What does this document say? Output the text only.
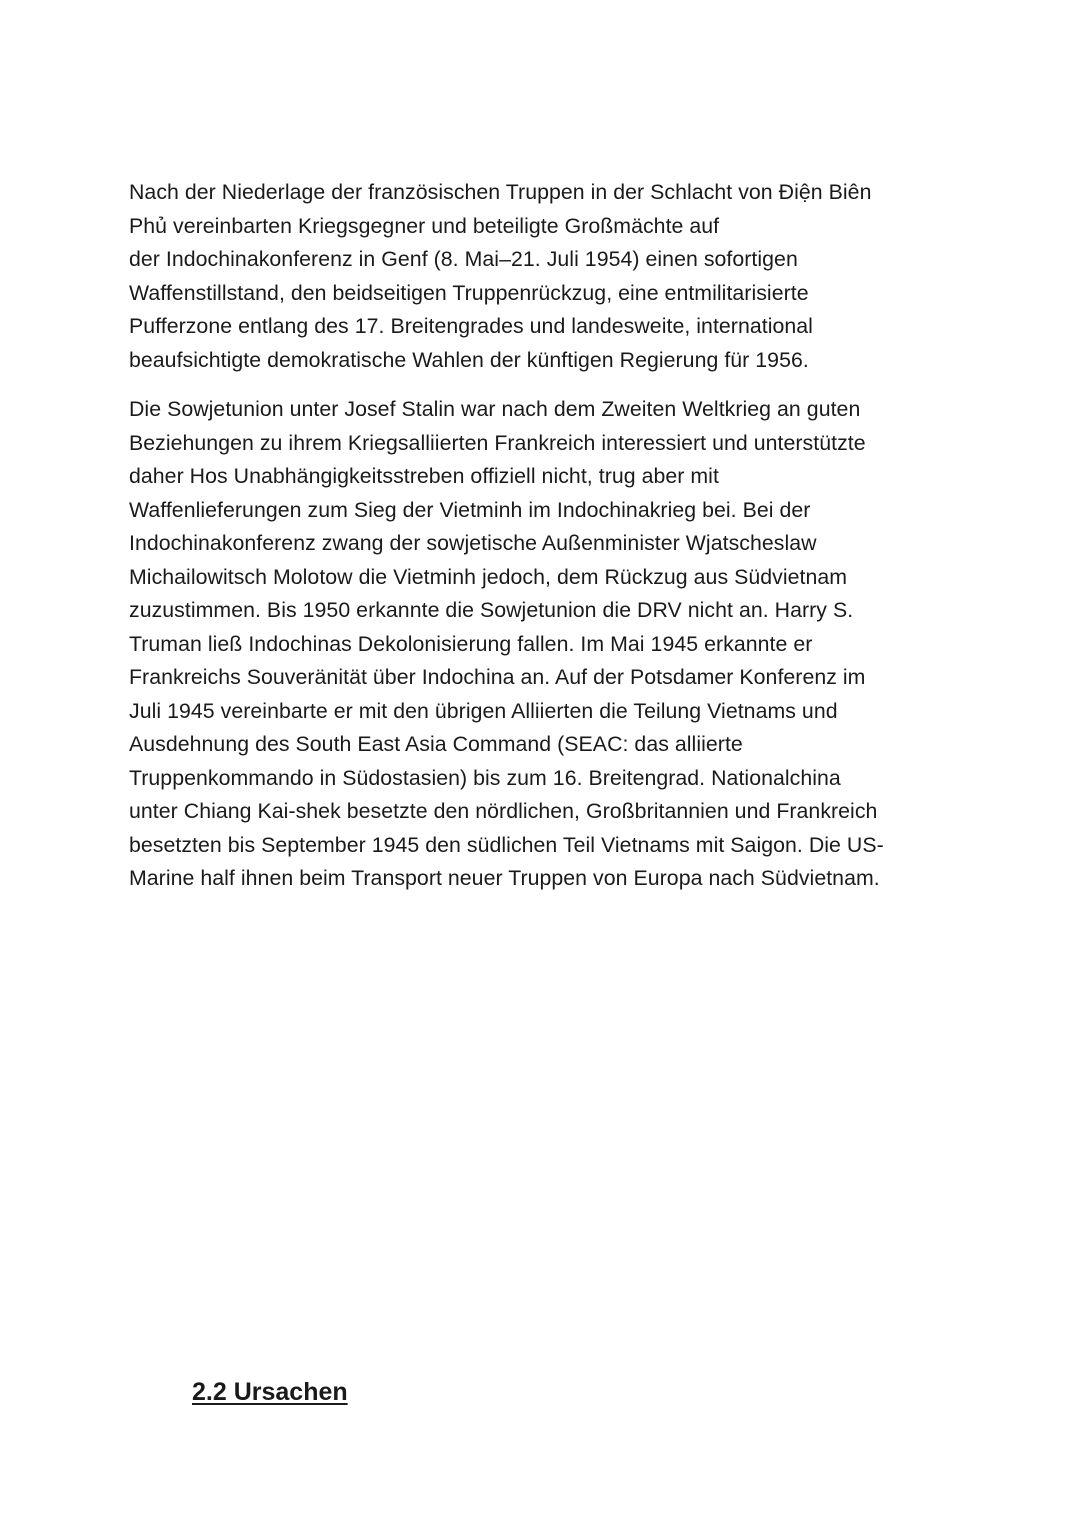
Nach der Niederlage der französischen Truppen in der Schlacht von Điện Biên
Phủ vereinbarten Kriegsgegner und beteiligte Großmächte auf
der Indochinakonferenz in Genf (8. Mai–21. Juli 1954) einen sofortigen
Waffenstillstand, den beidseitigen Truppenrückzug, eine entmilitarisierte
Pufferzone entlang des 17. Breitengrades und landesweite, international
beaufsichtigte demokratische Wahlen der künftigen Regierung für 1956.
Die Sowjetunion unter Josef Stalin war nach dem Zweiten Weltkrieg an guten
Beziehungen zu ihrem Kriegsalliierten Frankreich interessiert und unterstützte
daher Hos Unabhängigkeitsstreben offiziell nicht, trug aber mit
Waffenlieferungen zum Sieg der Vietminh im Indochinakrieg bei. Bei der
Indochinakonferenz zwang der sowjetische Außenminister Wjatscheslaw
Michailowitsch Molotow die Vietminh jedoch, dem Rückzug aus Südvietnam
zuzustimmen. Bis 1950 erkannte die Sowjetunion die DRV nicht an. Harry S.
Truman ließ Indochinas Dekolonisierung fallen. Im Mai 1945 erkannte er
Frankreichs Souveränität über Indochina an. Auf der Potsdamer Konferenz im
Juli 1945 vereinbarte er mit den übrigen Alliierten die Teilung Vietnams und
Ausdehnung des South East Asia Command (SEAC: das alliierte
Truppenkommando in Südostasien) bis zum 16. Breitengrad. Nationalchina
unter Chiang Kai-shek besetzte den nördlichen, Großbritannien und Frankreich
besetzten bis September 1945 den südlichen Teil Vietnams mit Saigon. Die US-
Marine half ihnen beim Transport neuer Truppen von Europa nach Südvietnam.
2.2 Ursachen
